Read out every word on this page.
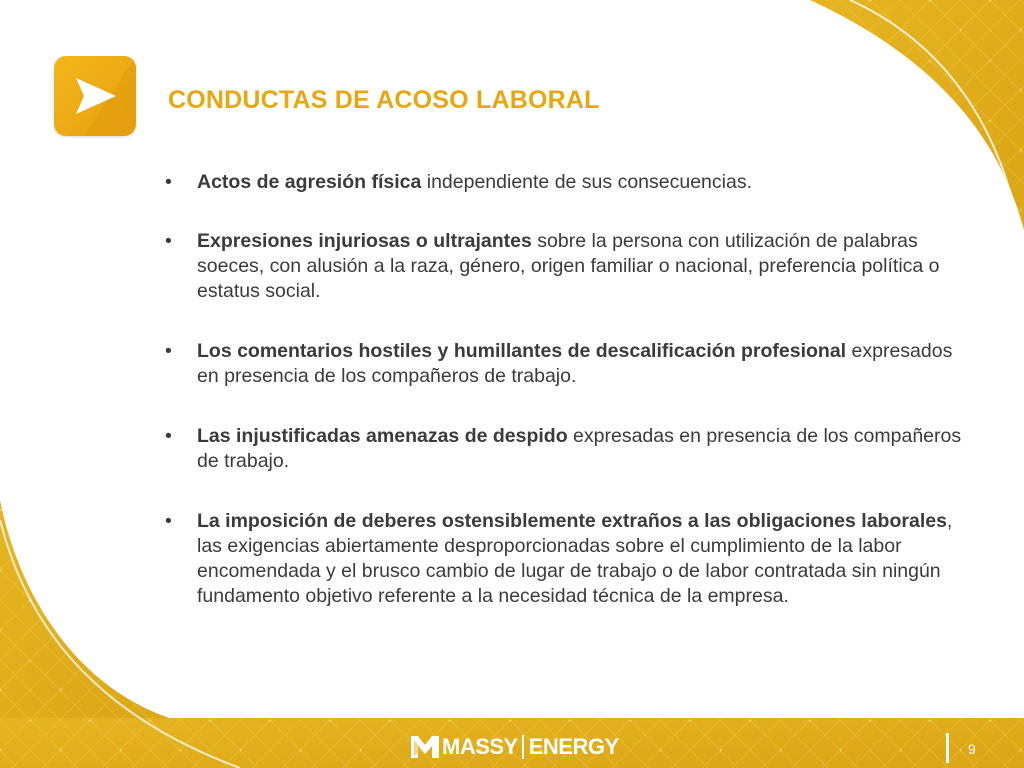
CONDUCTAS DE ACOSO LABORAL
• Actos de agresión física independiente de sus consecuencias.
• Expresiones injuriosas o ultrajantes sobre la persona con utilización de palabras soeces, con alusión a la raza, género, origen familiar o nacional, preferencia política o estatus social.
• Los comentarios hostiles y humillantes de descalificación profesional expresados en presencia de los compañeros de trabajo.
• Las injustificadas amenazas de despido expresadas en presencia de los compañeros de trabajo.
• La imposición de deberes ostensiblemente extraños a las obligaciones laborales, las exigencias abiertamente desproporcionadas sobre el cumplimiento de la labor encomendada y el brusco cambio de lugar de trabajo o de labor contratada sin ningún fundamento objetivo referente a la necesidad técnica de la empresa.
MASSY ENERGY	9
